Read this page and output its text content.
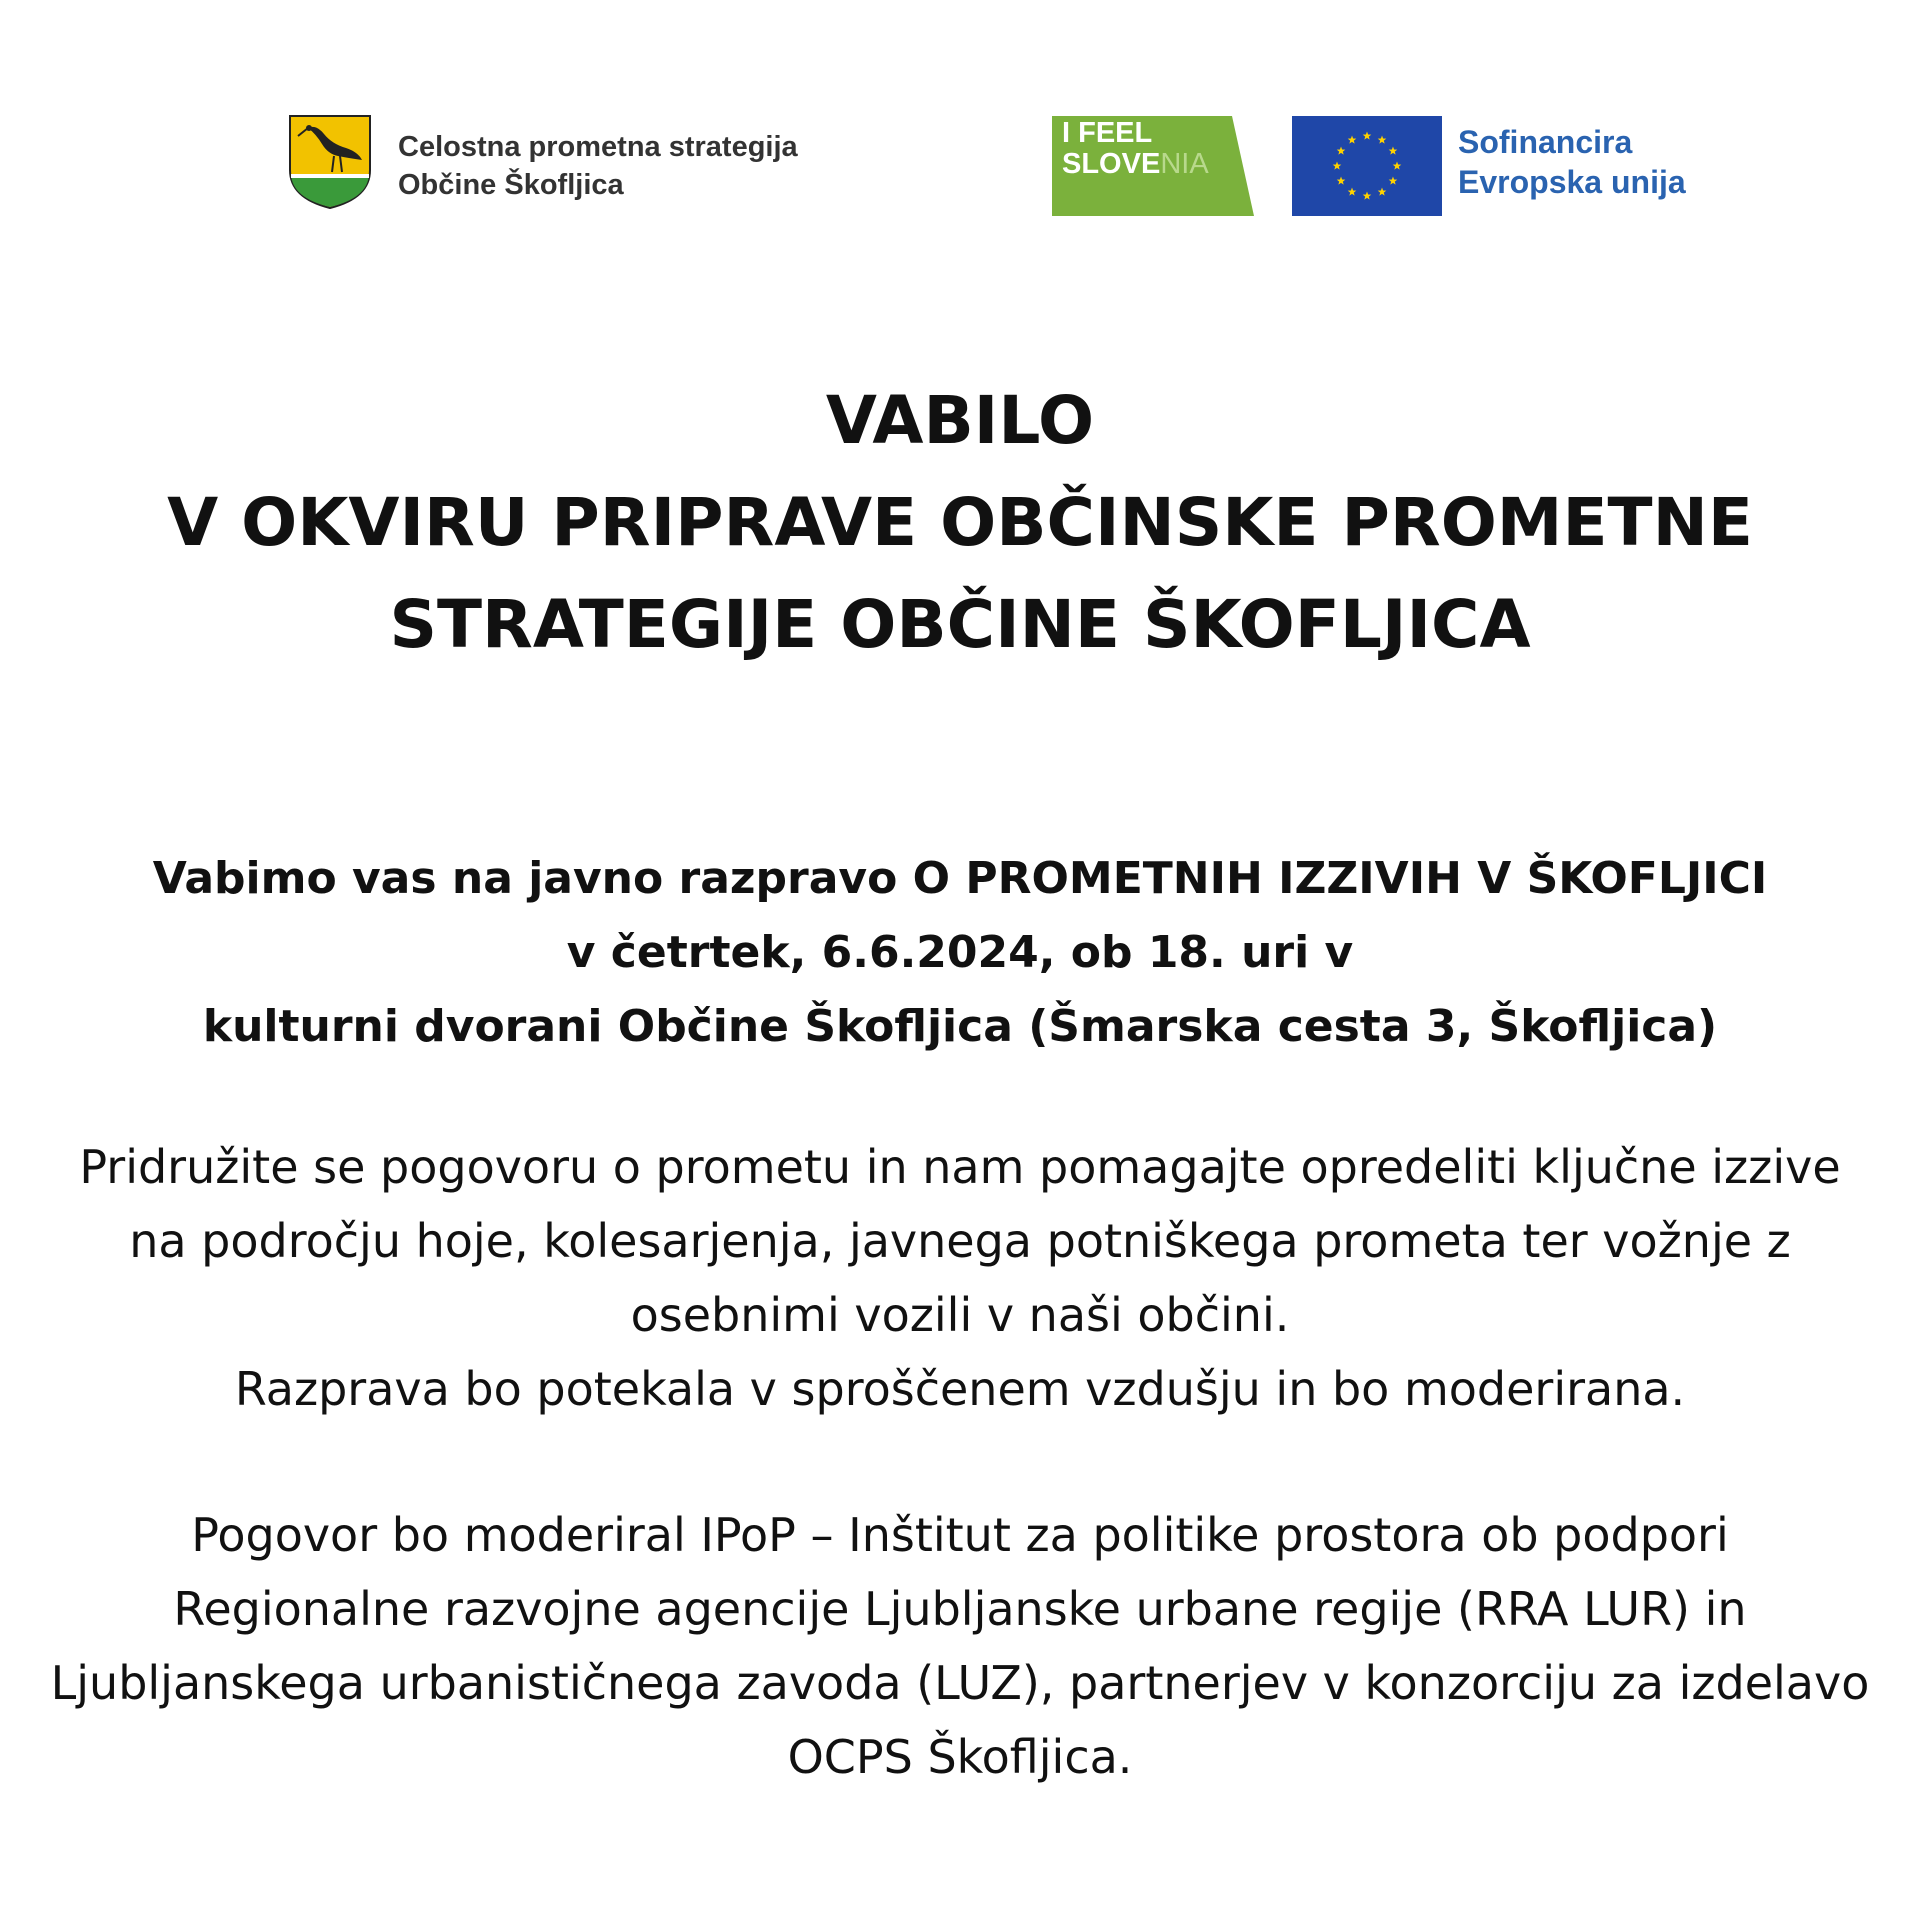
Celostna prometna strategija
Občine Škofljica
I FEEL
SLOVENIA
Sofinancira
Evropska unija
VABILO
V OKVIRU PRIPRAVE OBČINSKE PROMETNE
STRATEGIJE OBČINE ŠKOFLJICA
Vabimo vas na javno razpravo O PROMETNIH IZZIVIH V ŠKOFLJICI
v četrtek, 6.6.2024, ob 18. uri v
kulturni dvorani Občine Škofljica (Šmarska cesta 3, Škofljica)
Pridružite se pogovoru o prometu in nam pomagajte opredeliti ključne izzive
na področju hoje, kolesarjenja, javnega potniškega prometa ter vožnje z
osebnimi vozili v naši občini.
Razprava bo potekala v sproščenem vzdušju in bo moderirana.
Pogovor bo moderiral IPoP – Inštitut za politike prostora ob podpori
Regionalne razvojne agencije Ljubljanske urbane regije (RRA LUR) in
Ljubljanskega urbanističnega zavoda (LUZ), partnerjev v konzorciju za izdelavo
OCPS Škofljica.
